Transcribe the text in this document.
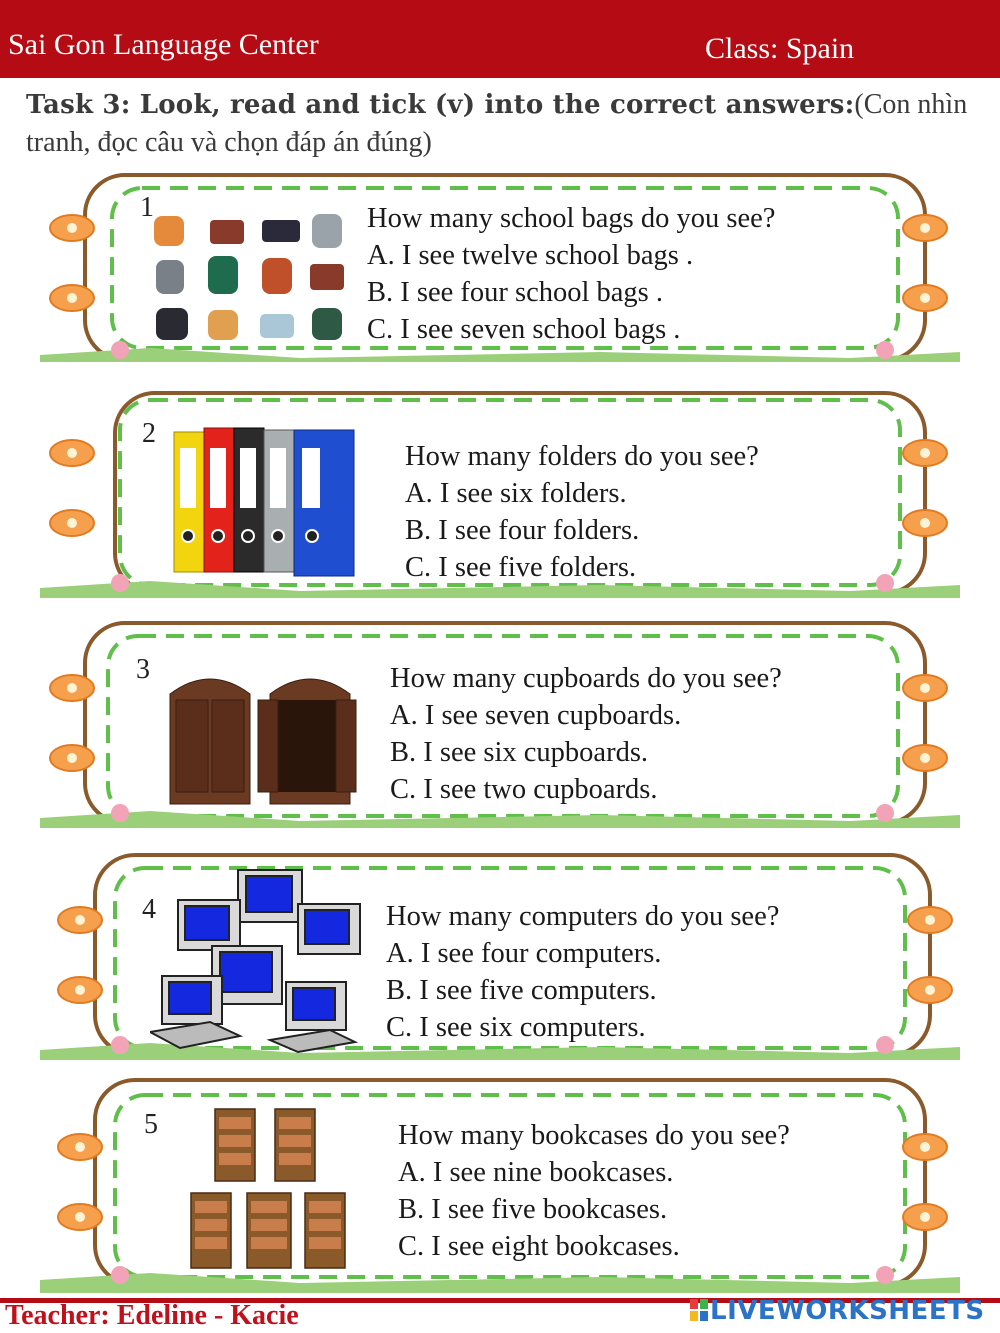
Sai Gon Language Center	Class: Spain
Task 3: Look, read and tick (v) into the correct answers:(Con nhìn tranh, đọc câu và chọn đáp án đúng)
1	How many school bags do you see?
A. I see twelve school bags .
B. I see four school bags .
C. I see seven school bags .
2
How many folders do you see?
A. I see six folders.
B. I see four folders.
C. I see five folders.
3	How many cupboards do you see?
A. I see seven cupboards.
B. I see six cupboards.
C. I see two cupboards.
4	How many computers do you see?
A. I see four computers.
B. I see five computers.
C. I see six computers.
5	How many bookcases do you see?
A. I see nine bookcases.
B. I see five bookcases.
C. I see eight bookcases.
Teacher: Edeline - Kacie	LIVEWORKSHEETS
